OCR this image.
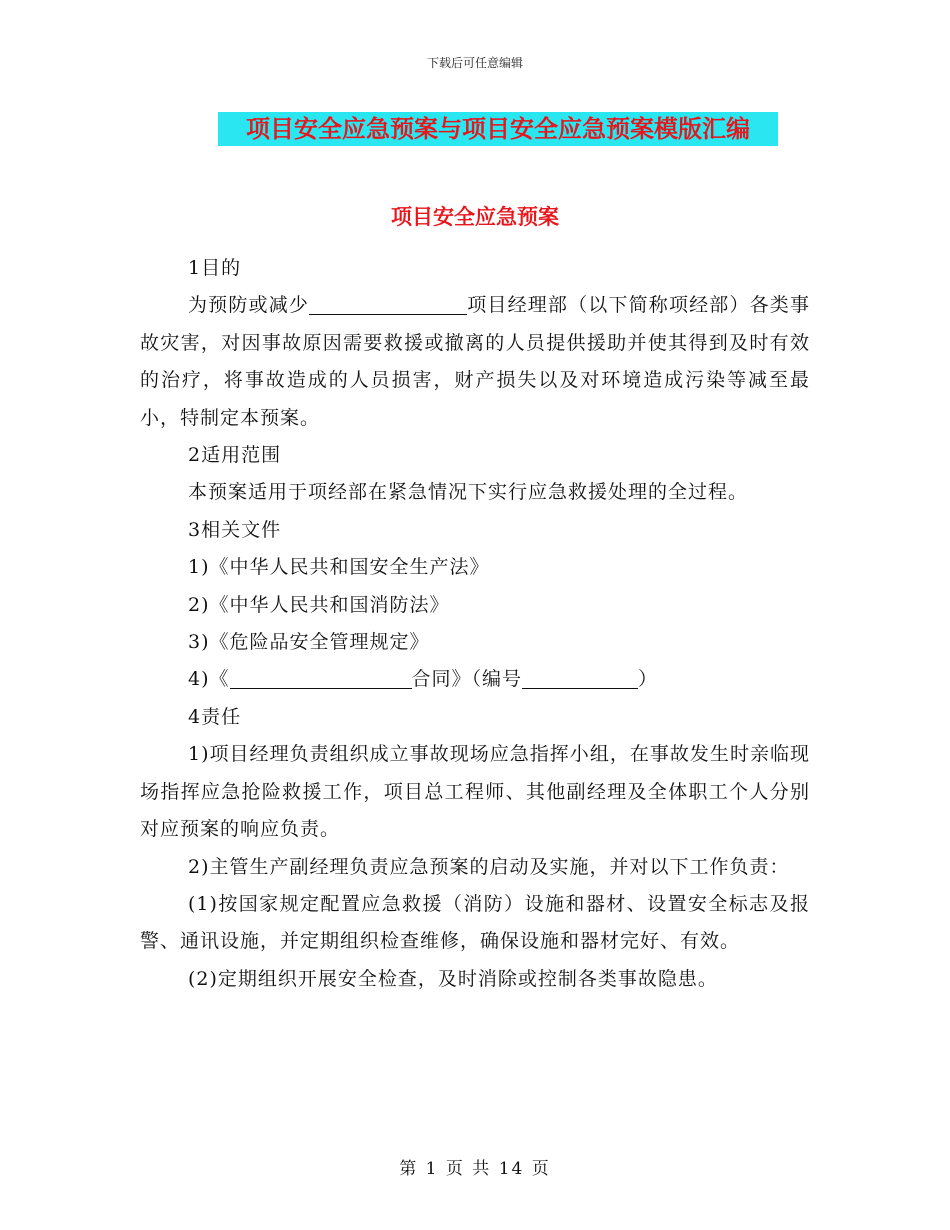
下载后可任意编辑
项目安全应急预案与项目安全应急预案模版汇编
项目安全应急预案

1目的

为预防或减少	项目经理部（以下简称项经部）各类事故灾害，对因事故原因需要救援或撤离的人员提供援助并使其得到及时有效的治疗，将事故造成的人员损害，财产损失以及对环境造成污染等减至最小，特制定本预案。

2适用范围

本预案适用于项经部在紧急情况下实行应急救援处理的全过程。

3相关文件

1)《中华人民共和国安全生产法》

2)《中华人民共和国消防法》

3)《危险品安全管理规定》

4)《	合同》（编号	）

4责任

1)项目经理负责组织成立事故现场应急指挥小组，在事故发生时亲临现场指挥应急抢险救援工作，项目总工程师、其他副经理及全体职工个人分别对应预案的响应负责。

2)主管生产副经理负责应急预案的启动及实施，并对以下工作负责：

(1)按国家规定配置应急救援（消防）设施和器材、设置安全标志及报警、通讯设施，并定期组织检查维修，确保设施和器材完好、有效。

(2)定期组织开展安全检查，及时消除或控制各类事故隐患。

第 1 页 共 14 页
